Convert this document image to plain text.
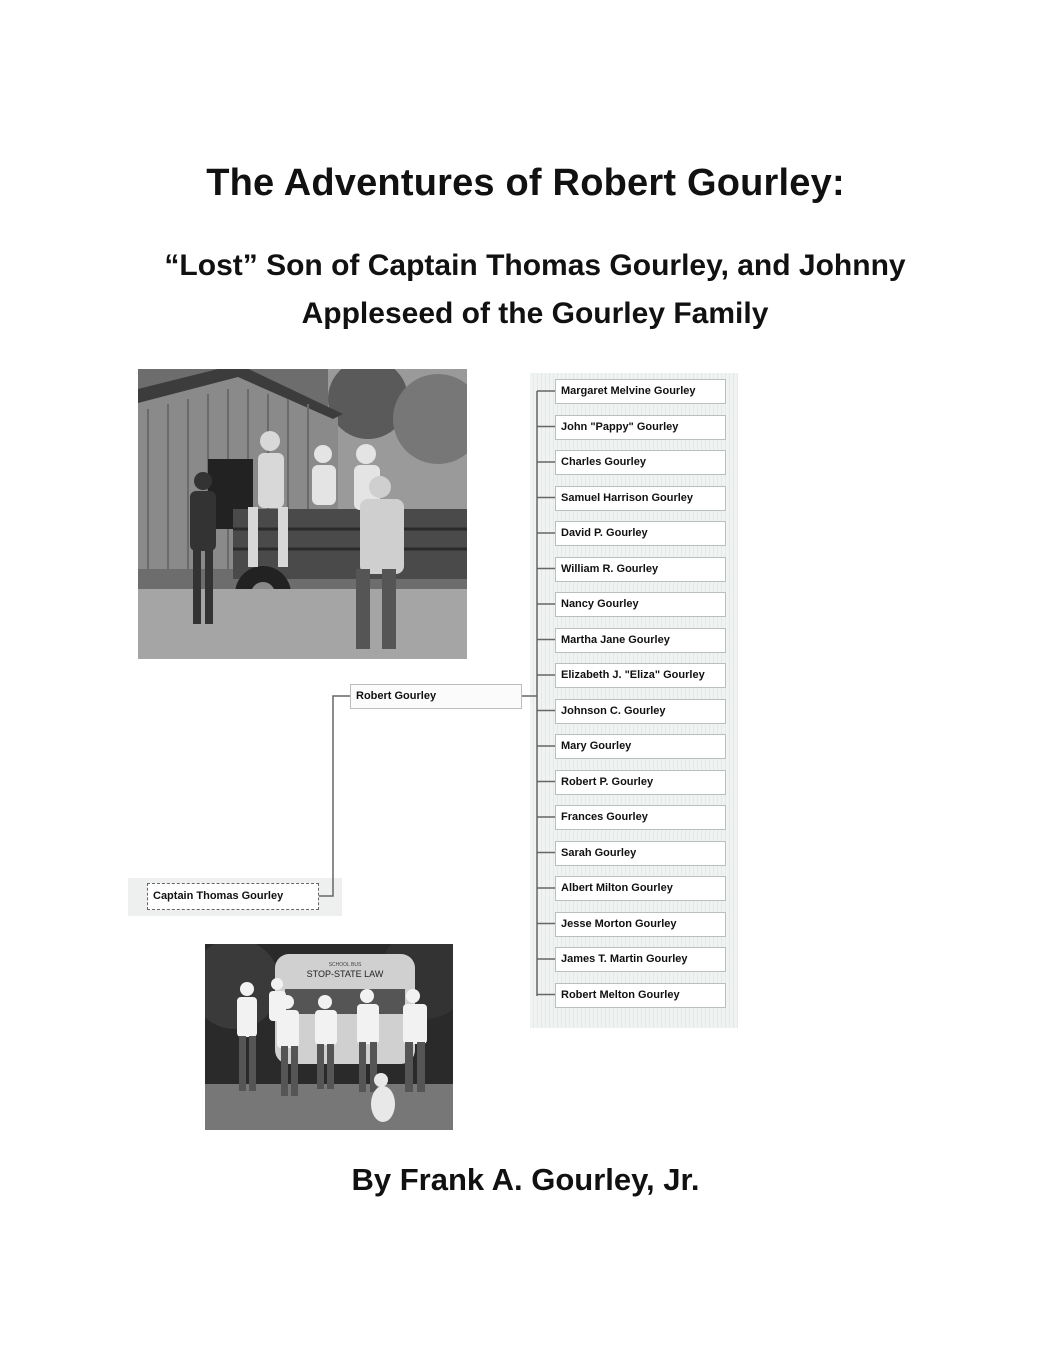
The Adventures of Robert Gourley:
“Lost” Son of Captain Thomas Gourley, and Johnny
Appleseed of the Gourley Family
Captain Thomas Gourley
Robert Gourley
Margaret Melvine Gourley
John "Pappy" Gourley
Charles Gourley
Samuel Harrison Gourley
David P. Gourley
William R. Gourley
Nancy Gourley
Martha Jane Gourley
Elizabeth J. "Eliza" Gourley
Johnson C. Gourley
Mary Gourley
Robert P. Gourley
Frances Gourley
Sarah Gourley
Albert Milton Gourley
Jesse Morton Gourley
James T. Martin Gourley
Robert Melton Gourley
SCHOOL BUS
STOP-STATE LAW
By Frank A. Gourley, Jr.
